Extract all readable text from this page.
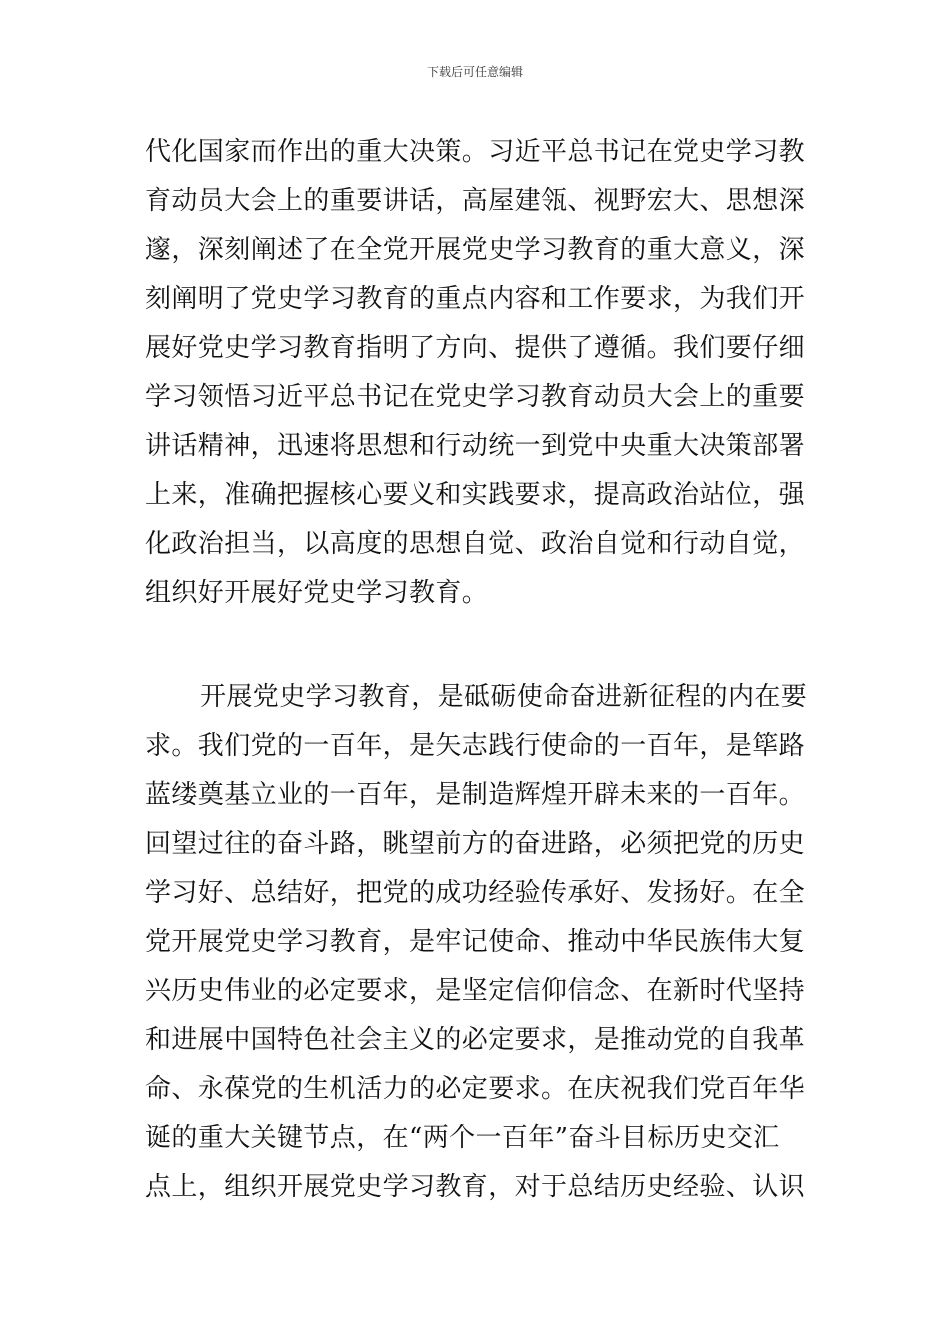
下载后可任意编辑
代化国家而作出的重大决策。习近平总书记在党史学习教
育动员大会上的重要讲话，高屋建瓴、视野宏大、思想深
邃，深刻阐述了在全党开展党史学习教育的重大意义，深
刻阐明了党史学习教育的重点内容和工作要求，为我们开
展好党史学习教育指明了方向、提供了遵循。我们要仔细
学习领悟习近平总书记在党史学习教育动员大会上的重要
讲话精神，迅速将思想和行动统一到党中央重大决策部署
上来，准确把握核心要义和实践要求，提高政治站位，强
化政治担当，以高度的思想自觉、政治自觉和行动自觉，
组织好开展好党史学习教育。
开展党史学习教育，是砥砺使命奋进新征程的内在要
求。我们党的一百年，是矢志践行使命的一百年，是筚路
蓝缕奠基立业的一百年，是制造辉煌开辟未来的一百年。
回望过往的奋斗路，眺望前方的奋进路，必须把党的历史
学习好、总结好，把党的成功经验传承好、发扬好。在全
党开展党史学习教育，是牢记使命、推动中华民族伟大复
兴历史伟业的必定要求，是坚定信仰信念、在新时代坚持
和进展中国特色社会主义的必定要求，是推动党的自我革
命、永葆党的生机活力的必定要求。在庆祝我们党百年华
诞的重大关键节点，在“两个一百年”奋斗目标历史交汇
点上，组织开展党史学习教育，对于总结历史经验、认识
